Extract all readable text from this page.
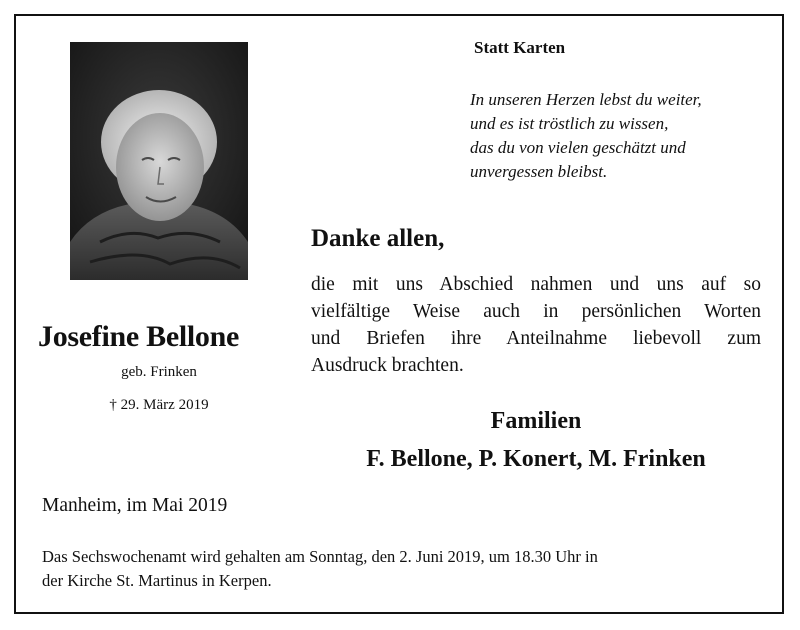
Statt Karten
In unseren Herzen lebst du weiter,
und es ist tröstlich zu wissen,
das du von vielen geschätzt und
unvergessen bleibst.
Danke allen,
die mit uns Abschied nahmen und uns auf so
vielfältige Weise auch in persönlichen Worten
und Briefen ihre Anteilnahme liebevoll zum
Ausdruck brachten.
Josefine Bellone
geb. Frinken
† 29. März 2019
Familien
F. Bellone, P. Konert, M. Frinken
Manheim, im Mai 2019
Das Sechswochenamt wird gehalten am Sonntag, den 2. Juni 2019, um 18.30 Uhr in
der Kirche St. Martinus in Kerpen.
